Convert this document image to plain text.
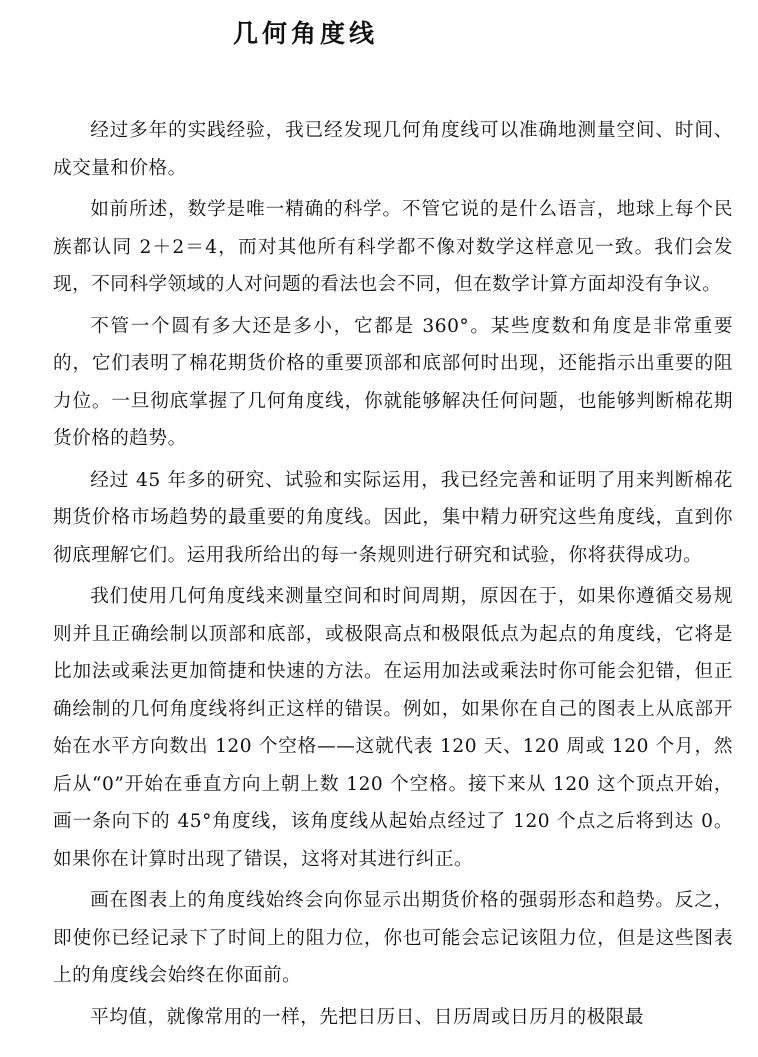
几何角度线

经过多年的实践经验，我已经发现几何角度线可以准确地测量空间、时间、成交量和价格。

如前所述，数学是唯一精确的科学。不管它说的是什么语言，地球上每个民族都认同 2＋2＝4，而对其他所有科学都不像对数学这样意见一致。我们会发现，不同科学领域的人对问题的看法也会不同，但在数学计算方面却没有争议。

不管一个圆有多大还是多小，它都是 360°。某些度数和角度是非常重要的，它们表明了棉花期货价格的重要顶部和底部何时出现，还能指示出重要的阻力位。一旦彻底掌握了几何角度线，你就能够解决任何问题，也能够判断棉花期货价格的趋势。

经过 45 年多的研究、试验和实际运用，我已经完善和证明了用来判断棉花期货价格市场趋势的最重要的角度线。因此，集中精力研究这些角度线，直到你彻底理解它们。运用我所给出的每一条规则进行研究和试验，你将获得成功。

我们使用几何角度线来测量空间和时间周期，原因在于，如果你遵循交易规则并且正确绘制以顶部和底部，或极限高点和极限低点为起点的角度线，它将是比加法或乘法更加简捷和快速的方法。在运用加法或乘法时你可能会犯错，但正确绘制的几何角度线将纠正这样的错误。例如，如果你在自己的图表上从底部开始在水平方向数出 120 个空格——这就代表 120 天、120 周或 120 个月，然后从“0”开始在垂直方向上朝上数 120 个空格。接下来从 120 这个顶点开始，画一条向下的 45°角度线，该角度线从起始点经过了 120 个点之后将到达 0。如果你在计算时出现了错误，这将对其进行纠正。

画在图表上的角度线始终会向你显示出期货价格的强弱形态和趋势。反之，即使你已经记录下了时间上的阻力位，你也可能会忘记该阻力位，但是这些图表上的角度线会始终在你面前。

平均值，就像常用的一样，先把日历日、日历周或日历月的极限最
